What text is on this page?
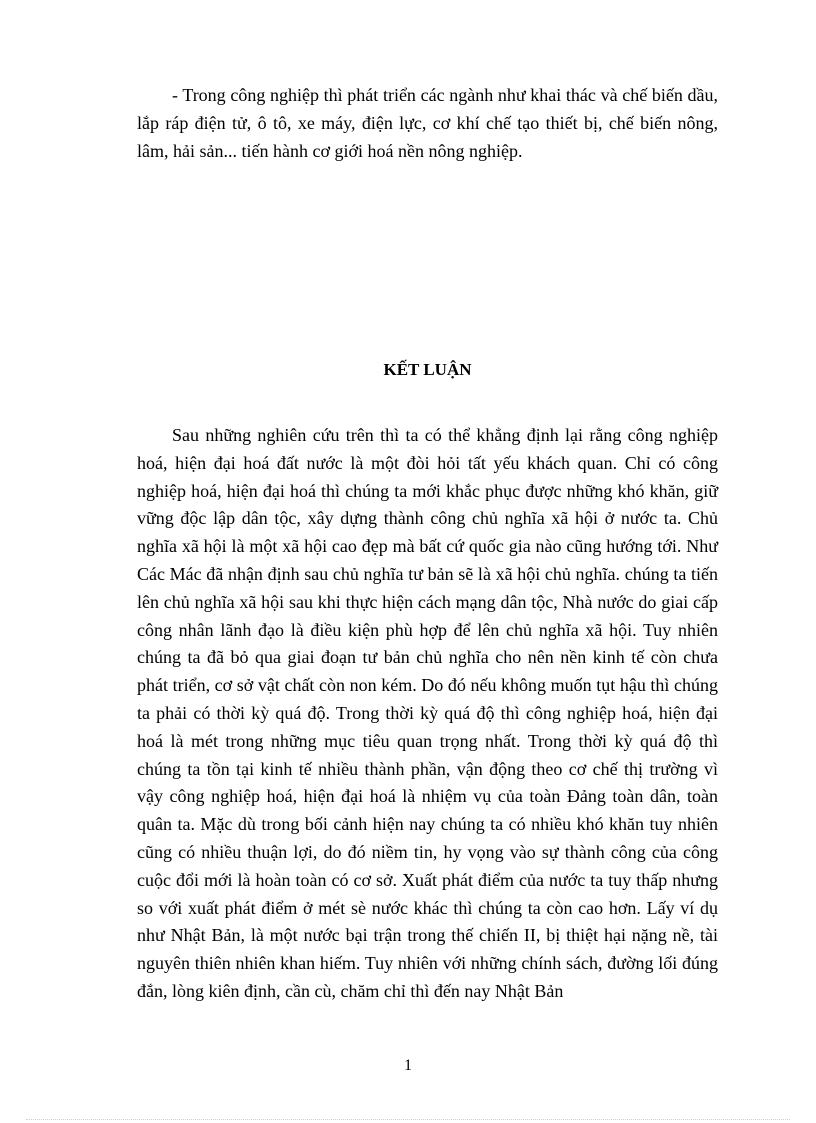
- Trong công nghiệp thì phát triển các ngành như khai thác và chế biến dầu, lắp ráp điện tử, ô tô, xe máy, điện lực, cơ khí chế tạo thiết bị, chế biến nông, lâm, hải sản... tiến hành cơ giới hoá nền nông nghiệp.

KẾT LUẬN

Sau những nghiên cứu trên thì ta có thể khẳng định lại rằng công nghiệp hoá, hiện đại hoá đất nước là một đòi hỏi tất yếu khách quan. Chỉ có công nghiệp hoá, hiện đại hoá thì chúng ta mới khắc phục được những khó khăn, giữ vững độc lập dân tộc, xây dựng thành công chủ nghĩa xã hội ở nước ta. Chủ nghĩa xã hội là một xã hội cao đẹp mà bất cứ quốc gia nào cũng hướng tới. Như Các Mác đã nhận định sau chủ nghĩa tư bản sẽ là xã hội chủ nghĩa. chúng ta tiến lên chủ nghĩa xã hội sau khi thực hiện cách mạng dân tộc, Nhà nước do giai cấp công nhân lãnh đạo là điều kiện phù hợp để lên chủ nghĩa xã hội. Tuy nhiên chúng ta đã bỏ qua giai đoạn tư bản chủ nghĩa cho nên nền kinh tế còn chưa phát triển, cơ sở vật chất còn non kém. Do đó nếu không muốn tụt hậu thì chúng ta phải có thời kỳ quá độ. Trong thời kỳ quá độ thì công nghiệp hoá, hiện đại hoá là mét trong những mục tiêu quan trọng nhất. Trong thời kỳ quá độ thì chúng ta tồn tại kinh tế nhiều thành phần, vận động theo cơ chế thị trường vì vậy công nghiệp hoá, hiện đại hoá là nhiệm vụ của toàn Đảng toàn dân, toàn quân ta. Mặc dù trong bối cảnh hiện nay chúng ta có nhiều khó khăn tuy nhiên cũng có nhiều thuận lợi, do đó niềm tin, hy vọng vào sự thành công của công cuộc đổi mới là hoàn toàn có cơ sở. Xuất phát điểm của nước ta tuy thấp nhưng so với xuất phát điểm ở mét sè nước khác thì chúng ta còn cao hơn. Lấy ví dụ như Nhật Bản, là một nước bại trận trong thế chiến II, bị thiệt hại nặng nề, tài nguyên thiên nhiên khan hiếm. Tuy nhiên với những chính sách, đường lối đúng đắn, lòng kiên định, cần cù, chăm chỉ thì đến nay Nhật Bản

1
